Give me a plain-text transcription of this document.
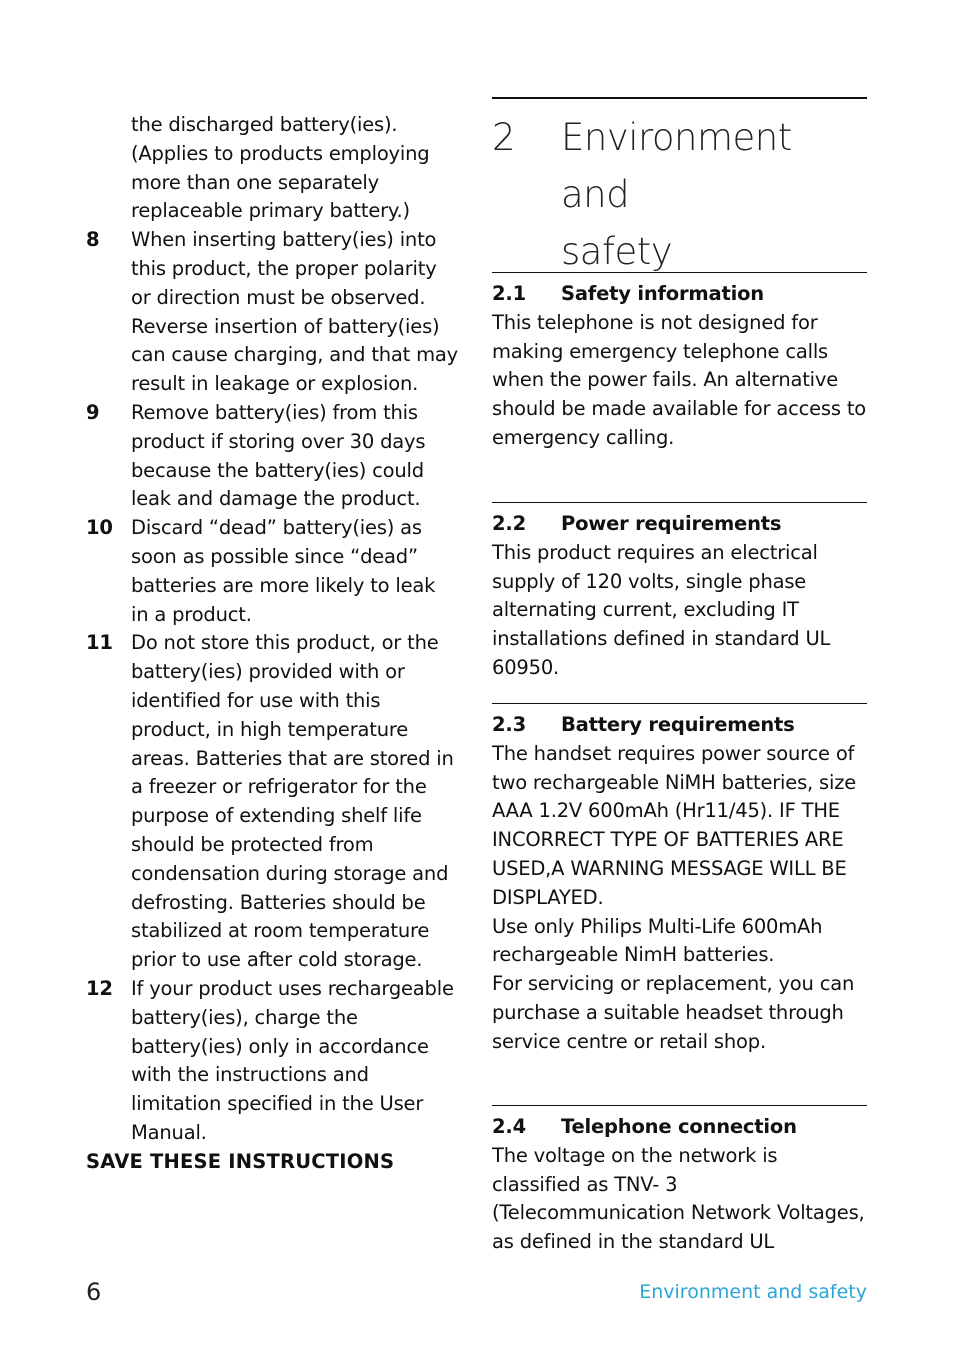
the discharged battery(ies). (Applies to products employing more than one separately replaceable primary battery.)
8	When inserting battery(ies) into this product, the proper polarity or direction must be observed. Reverse insertion of battery(ies) can cause charging, and that may result in leakage or explosion.
9	Remove battery(ies) from this product if storing over 30 days because the battery(ies) could leak and damage the product.
10 Discard “dead” battery(ies) as soon as possible since “dead” batteries are more likely to leak in a product.
11 Do not store this product, or the battery(ies) provided with or identified for use with this product, in high temperature areas. Batteries that are stored in a freezer or refrigerator for the purpose of extending shelf life should be protected from condensation during storage and defrosting. Batteries should be stabilized at room temperature prior to use after cold storage.
12 If your product uses rechargeable battery(ies), charge the battery(ies) only in accordance with the instructions and limitation specified in the User Manual.
SAVE THESE INSTRUCTIONS
2	Environment and
safety
2.1	Safety information
This telephone is not designed for making emergency telephone calls when the power fails. An alternative should be made available for access to emergency calling.
2.2	Power requirements
This product requires an electrical supply of 120 volts, single phase alternating current, excluding IT installations defined in standard UL 60950.
2.3	Battery requirements
The handset requires power source of two rechargeable NiMH batteries, size AAA 1.2V 600mAh (Hr11/45). IF THE INCORRECT TYPE OF BATTERIES ARE USED,A WARNING MESSAGE WILL BE DISPLAYED.
Use only Philips Multi-Life 600mAh rechargeable NimH batteries.
For servicing or replacement, you can purchase a suitable headset through service centre or retail shop.
2.4	Telephone connection
The voltage on the network is classified as TNV- 3 (Telecommunication Network Voltages, as defined in the standard UL
6	Environment and safety
